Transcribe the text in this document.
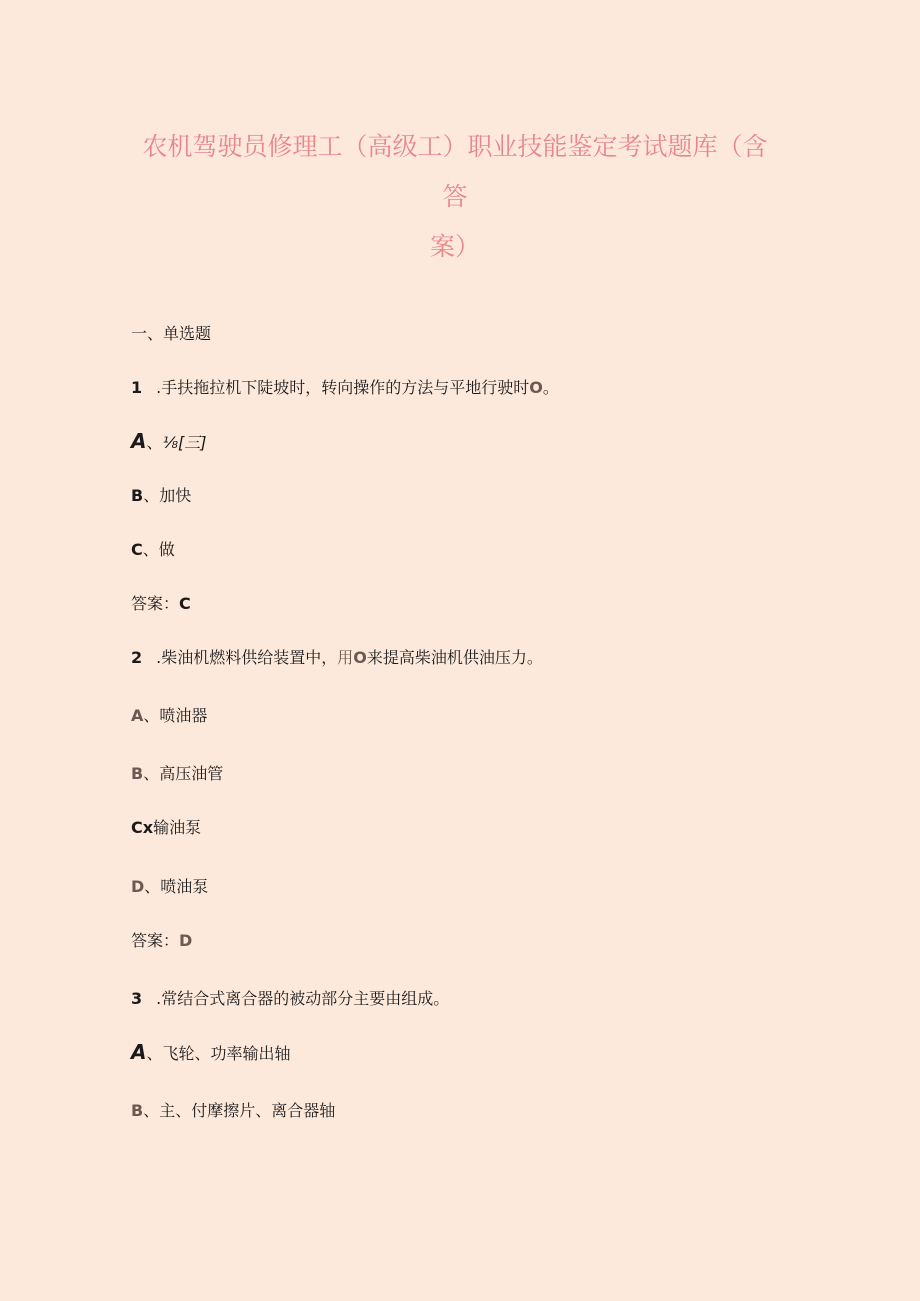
农机驾驶员修理工（高级工）职业技能鉴定考试题库（含
答
案）
一、单选题
1 .手扶拖拉机下陡坡时，转向操作的方法与平地行驶时O。
A、⅛[三]
B、加快
C、做
答案：C
2 .柴油机燃料供给装置中，用O来提高柴油机供油压力。
A、喷油器
B、高压油管
Cx输油泵
D、喷油泵
答案：D
3 .常结合式离合器的被动部分主要由组成。
A、飞轮、功率输出轴
B、主、付摩擦片、离合器轴
